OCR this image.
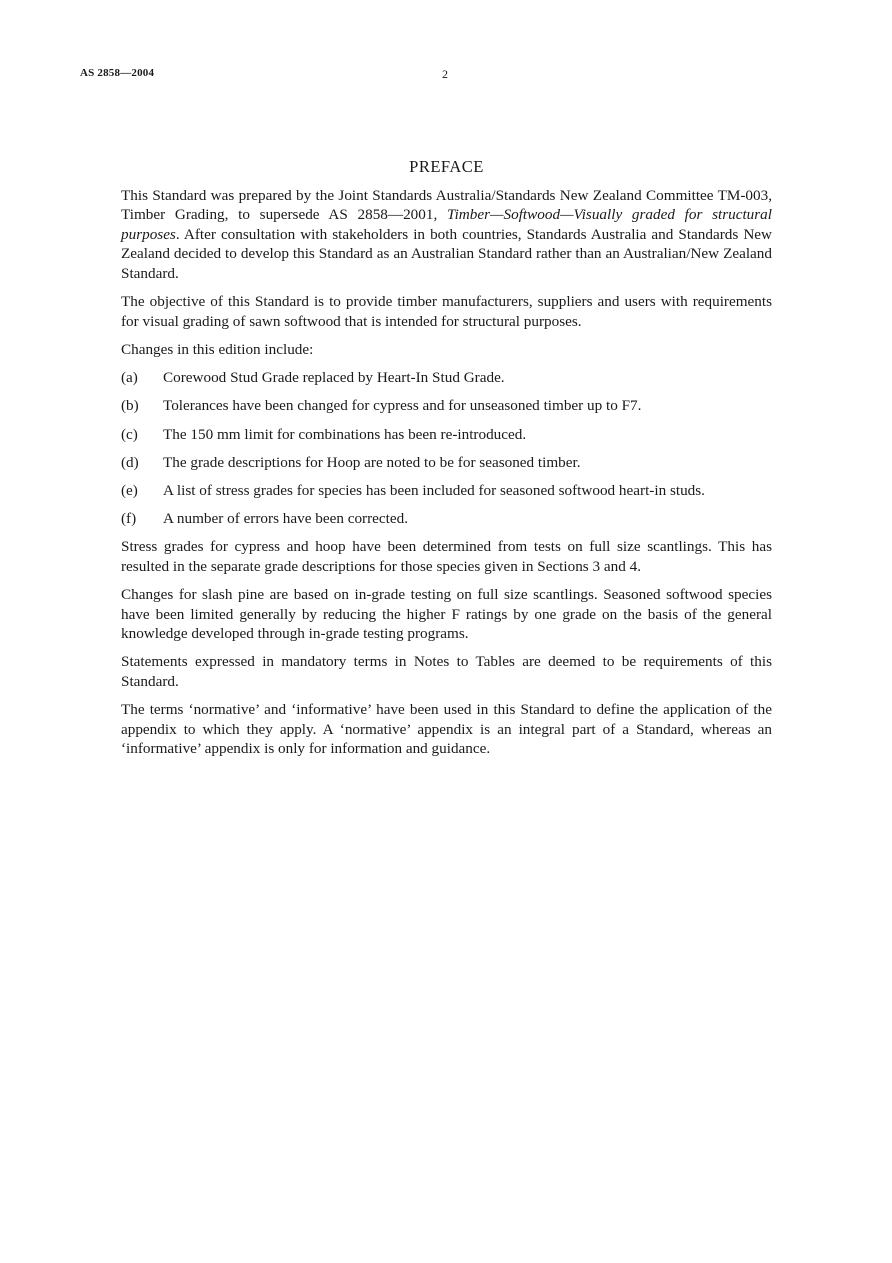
AS 2858—2004	2
PREFACE

This Standard was prepared by the Joint Standards Australia/Standards New Zealand Committee TM-003, Timber Grading, to supersede AS 2858—2001, Timber—Softwood—Visually graded for structural purposes. After consultation with stakeholders in both countries, Standards Australia and Standards New Zealand decided to develop this Standard as an Australian Standard rather than an Australian/New Zealand Standard.

The objective of this Standard is to provide timber manufacturers, suppliers and users with requirements for visual grading of sawn softwood that is intended for structural purposes.

Changes in this edition include:

(a)	Corewood Stud Grade replaced by Heart-In Stud Grade.
(b)	Tolerances have been changed for cypress and for unseasoned timber up to F7.
(c)	The 150 mm limit for combinations has been re-introduced.
(d)	The grade descriptions for Hoop are noted to be for seasoned timber.
(e)	A list of stress grades for species has been included for seasoned softwood heart-in studs.
(f)	A number of errors have been corrected.

Stress grades for cypress and hoop have been determined from tests on full size scantlings. This has resulted in the separate grade descriptions for those species given in Sections 3 and 4.

Changes for slash pine are based on in-grade testing on full size scantlings. Seasoned softwood species have been limited generally by reducing the higher F ratings by one grade on the basis of the general knowledge developed through in-grade testing programs.

Statements expressed in mandatory terms in Notes to Tables are deemed to be requirements of this Standard.

The terms ‘normative’ and ‘informative’ have been used in this Standard to define the application of the appendix to which they apply. A ‘normative’ appendix is an integral part of a Standard, whereas an ‘informative’ appendix is only for information and guidance.
